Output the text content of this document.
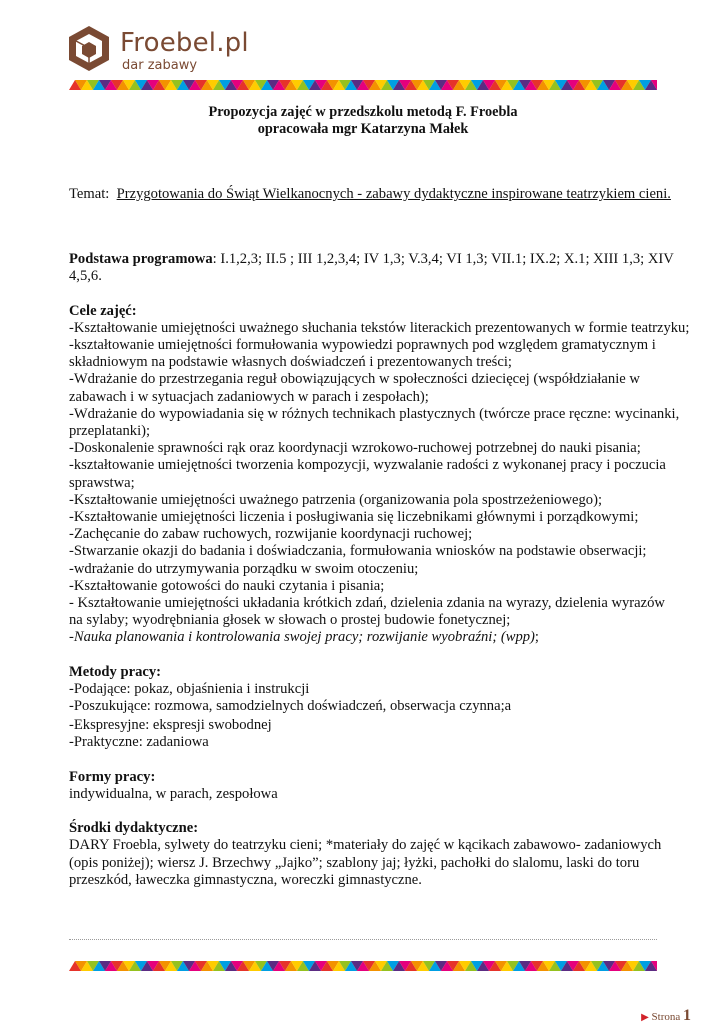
Froebel.pl
dar zabawy
Propozycja zajęć w przedszkolu metodą F. Froebla
opracowała mgr Katarzyna Małek
Temat: Przygotowania do Świąt Wielkanocnych - zabawy dydaktyczne inspirowane teatrzykiem cieni.
Podstawa programowa: I.1,2,3; II.5 ; III 1,2,3,4; IV 1,3; V.3,4; VI 1,3; VII.1; IX.2; X.1; XIII 1,3; XIV
4,5,6.
Cele zajęć:
-Kształtowanie umiejętności uważnego słuchania tekstów literackich prezentowanych w formie teatrzyku;
-kształtowanie umiejętności formułowania wypowiedzi poprawnych pod względem gramatycznym i
składniowym na podstawie własnych doświadczeń i prezentowanych treści;
-Wdrażanie do przestrzegania reguł obowiązujących w społeczności dziecięcej (współdziałanie w
zabawach i w sytuacjach zadaniowych w parach i zespołach);
-Wdrażanie do wypowiadania się w różnych technikach plastycznych (twórcze prace ręczne: wycinanki,
przeplatanki);
-Doskonalenie sprawności rąk oraz koordynacji wzrokowo-ruchowej potrzebnej do nauki pisania;
-kształtowanie umiejętności tworzenia kompozycji, wyzwalanie radości z wykonanej pracy i poczucia
sprawstwa;
-Kształtowanie umiejętności uważnego patrzenia (organizowania pola spostrzeżeniowego);
-Kształtowanie umiejętności liczenia i posługiwania się liczebnikami głównymi i porządkowymi;
-Zachęcanie do zabaw ruchowych, rozwijanie koordynacji ruchowej;
-Stwarzanie okazji do badania i doświadczania, formułowania wniosków na podstawie obserwacji;
-wdrażanie do utrzymywania porządku w swoim otoczeniu;
-Kształtowanie gotowości do nauki czytania i pisania;
- Kształtowanie umiejętności układania krótkich zdań, dzielenia zdania na wyrazy, dzielenia wyrazów
na sylaby; wyodrębniania głosek w słowach o prostej budowie fonetycznej;
-Nauka planowania i kontrolowania swojej pracy; rozwijanie wyobraźni; (wpp);
Metody pracy:
-Podające: pokaz, objaśnienia i instrukcji
-Poszukujące: rozmowa, samodzielnych doświadczeń, obserwacja czynna;a
-Ekspresyjne: ekspresji swobodnej
-Praktyczne: zadaniowa
Formy pracy:
indywidualna, w parach, zespołowa
Środki dydaktyczne:
DARY Froebla, sylwety do teatrzyku cieni; *materiały do zajęć w kącikach zabawowo- zadaniowych
(opis poniżej); wiersz J. Brzechwy „Jajko”; szablony jaj; łyżki, pachołki do slalomu, laski do toru
przeszkód, ławeczka gimnastyczna, woreczki gimnastyczne.
▶ Strona 1
